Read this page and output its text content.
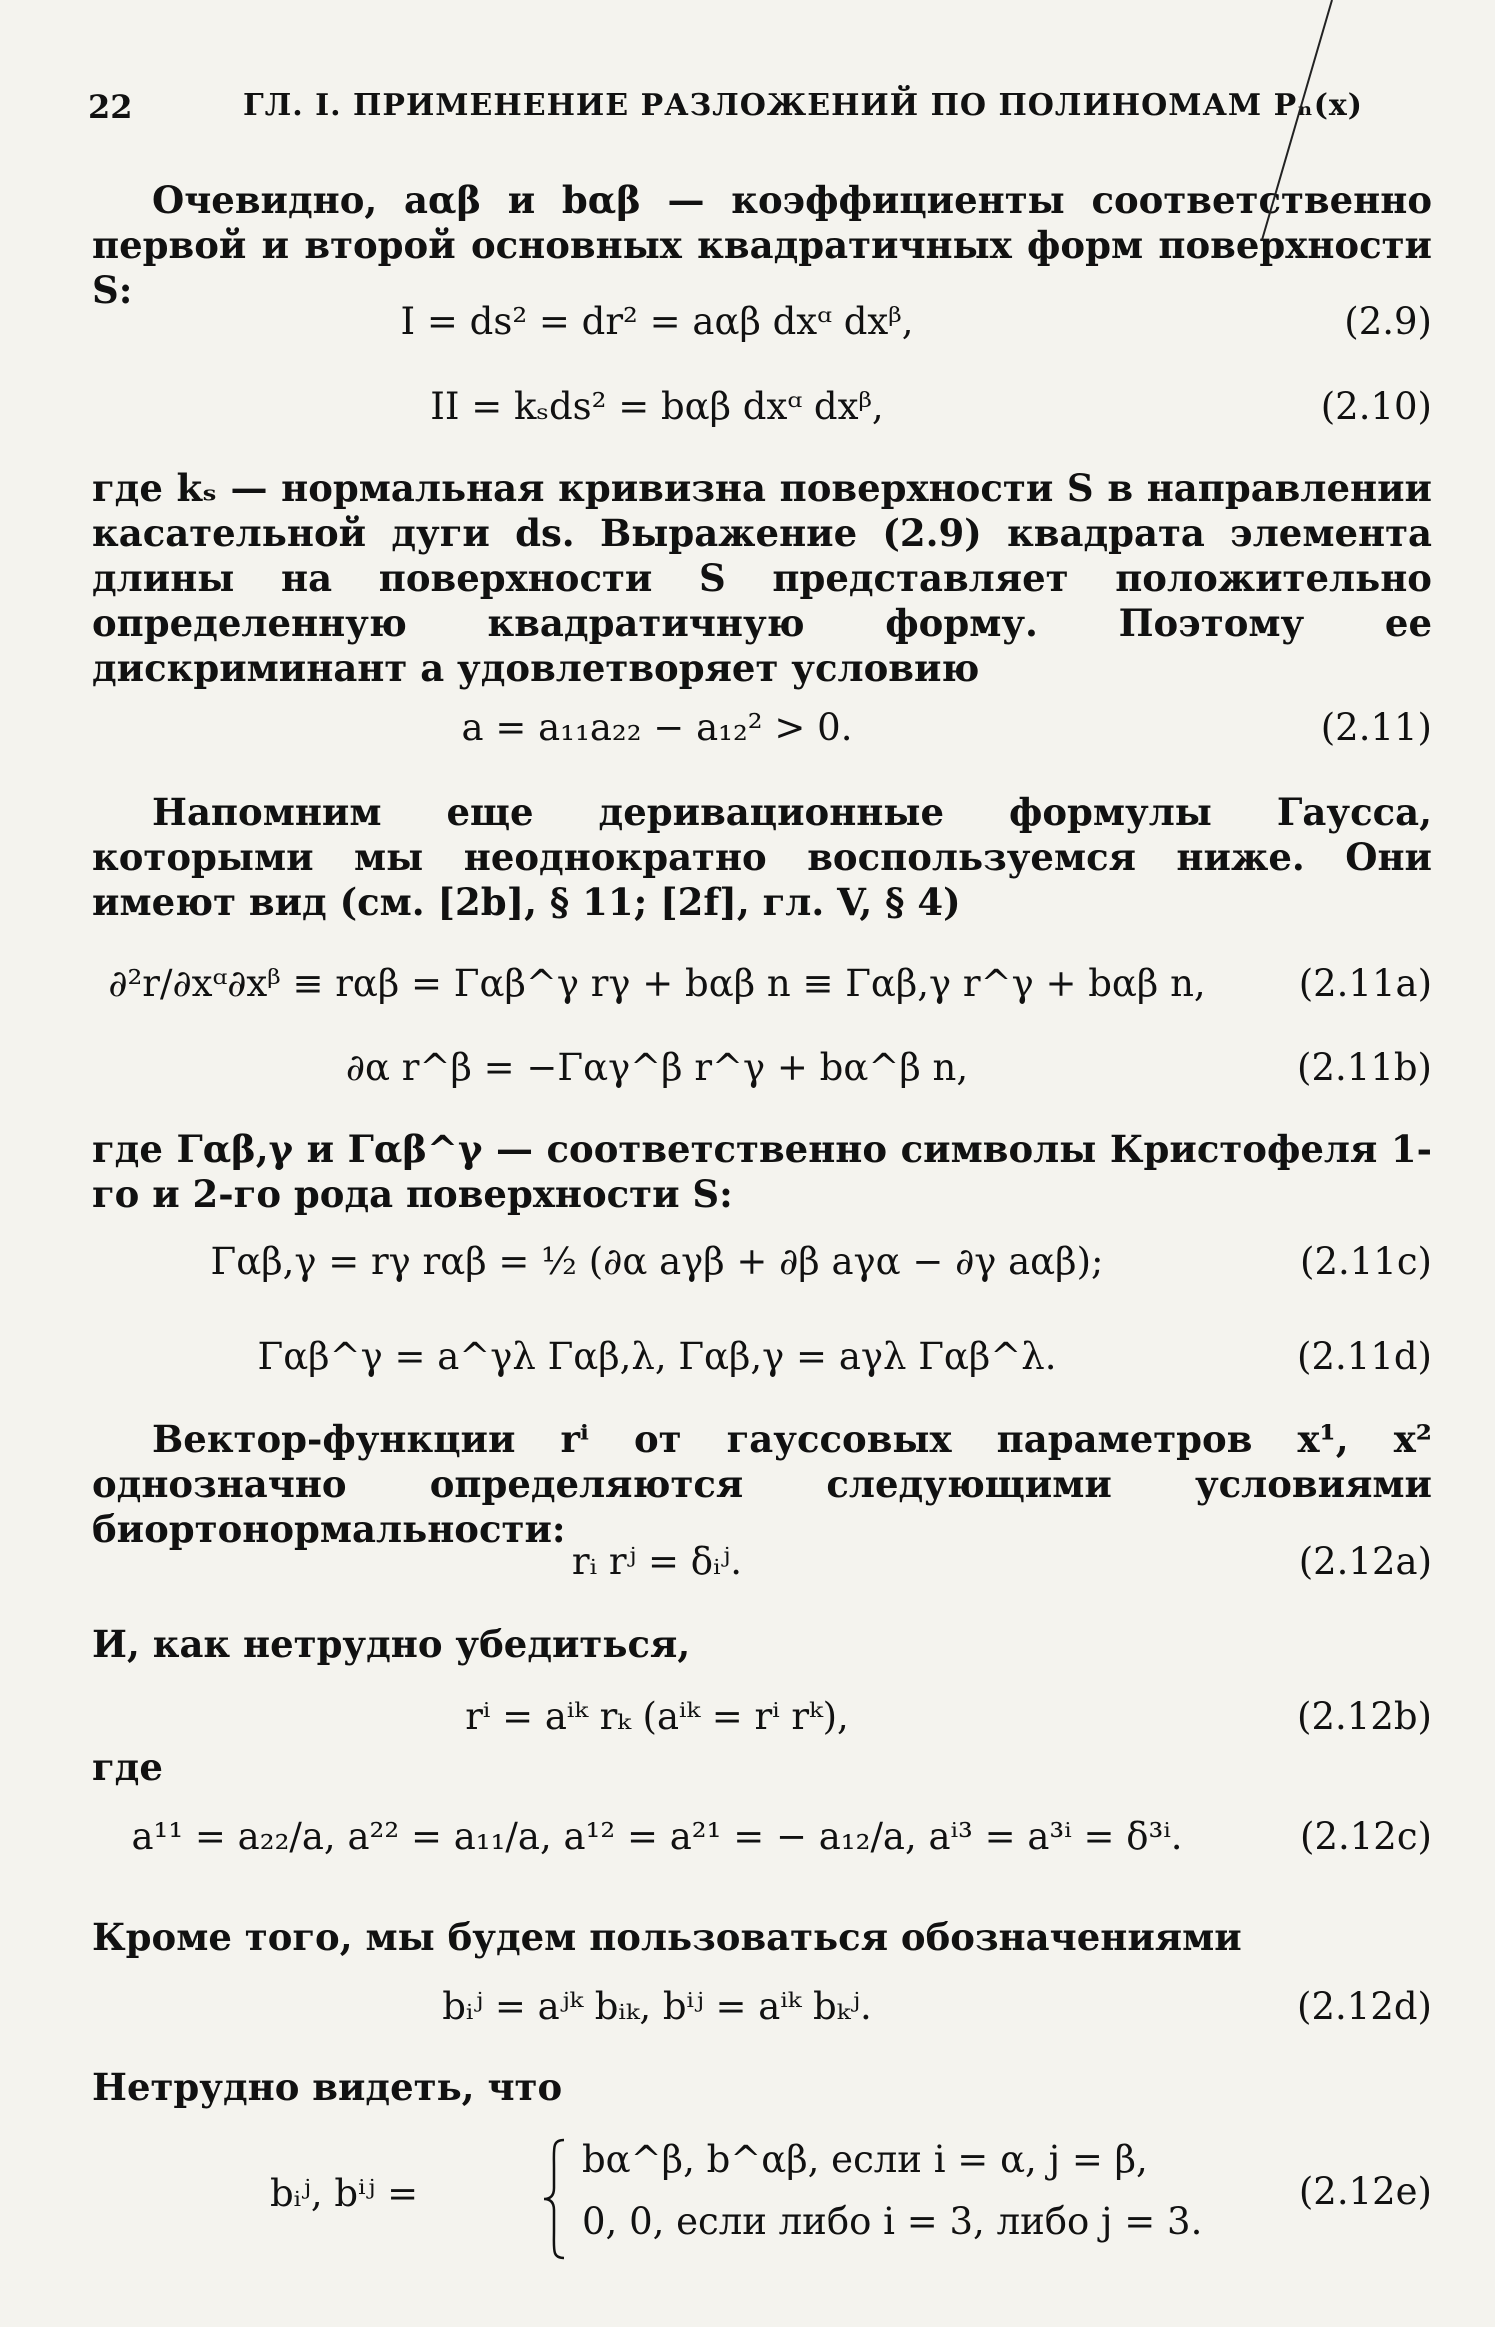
22	ГЛ. I. ПРИМЕНЕНИЕ РАЗЛОЖЕНИЙ ПО ПОЛИНОМАМ Pₙ(x)
Очевидно, aαβ и bαβ — коэффициенты соответственно первой и второй основных квадратичных форм поверхности S:
I = ds² = dr² = aαβ dxᵅ dxᵝ,	(2.9)
II = kₛds² = bαβ dxᵅ dxᵝ,	(2.10)
где kₛ — нормальная кривизна поверхности S в направлении касательной дуги ds. Выражение (2.9) квадрата элемента длины на поверхности S представляет положительно определенную квадратичную форму. Поэтому ее дискриминант a удовлетворяет условию
a = a₁₁a₂₂ − a₁₂² > 0.	(2.11)
Напомним еще деривационные формулы Гаусса, которыми мы неоднократно воспользуемся ниже. Они имеют вид (см. [2b], § 11; [2f], гл. V, § 4)
∂²r/∂xᵅ∂xᵝ ≡ rαβ = Γαβ^γ rγ + bαβ n ≡ Γαβ,γ r^γ + bαβ n,	(2.11a)
∂α r^β = −Γαγ^β r^γ + bα^β n,	(2.11b)
где Γαβ,γ и Γαβ^γ — соответственно символы Кристофеля 1-го и 2-го рода поверхности S:
Γαβ,γ = rγ rαβ = ½ (∂α aγβ + ∂β aγα − ∂γ aαβ);	(2.11c)
Γαβ^γ = a^γλ Γαβ,λ, Γαβ,γ = aγλ Γαβ^λ.	(2.11d)
Вектор-функции rⁱ от гауссовых параметров x¹, x² однозначно определяются следующими условиями биортонормальности:
rᵢ rʲ = δᵢʲ.	(2.12a)
И, как нетрудно убедиться,
rⁱ = aⁱᵏ rₖ (aⁱᵏ = rⁱ rᵏ),	(2.12b)
где
a¹¹ = a₂₂/a, a²² = a₁₁/a, a¹² = a²¹ = − a₁₂/a, aⁱ³ = a³ⁱ = δ³ⁱ.	(2.12c)
Кроме того, мы будем пользоваться обозначениями
bᵢʲ = aʲᵏ bᵢₖ, bⁱʲ = aⁱᵏ bₖʲ.	(2.12d)
Нетрудно видеть, что
bᵢʲ, bⁱʲ =
bα^β, b^αβ, если i = α, j = β,
0, 0, если либо i = 3, либо j = 3.
(2.12e)
